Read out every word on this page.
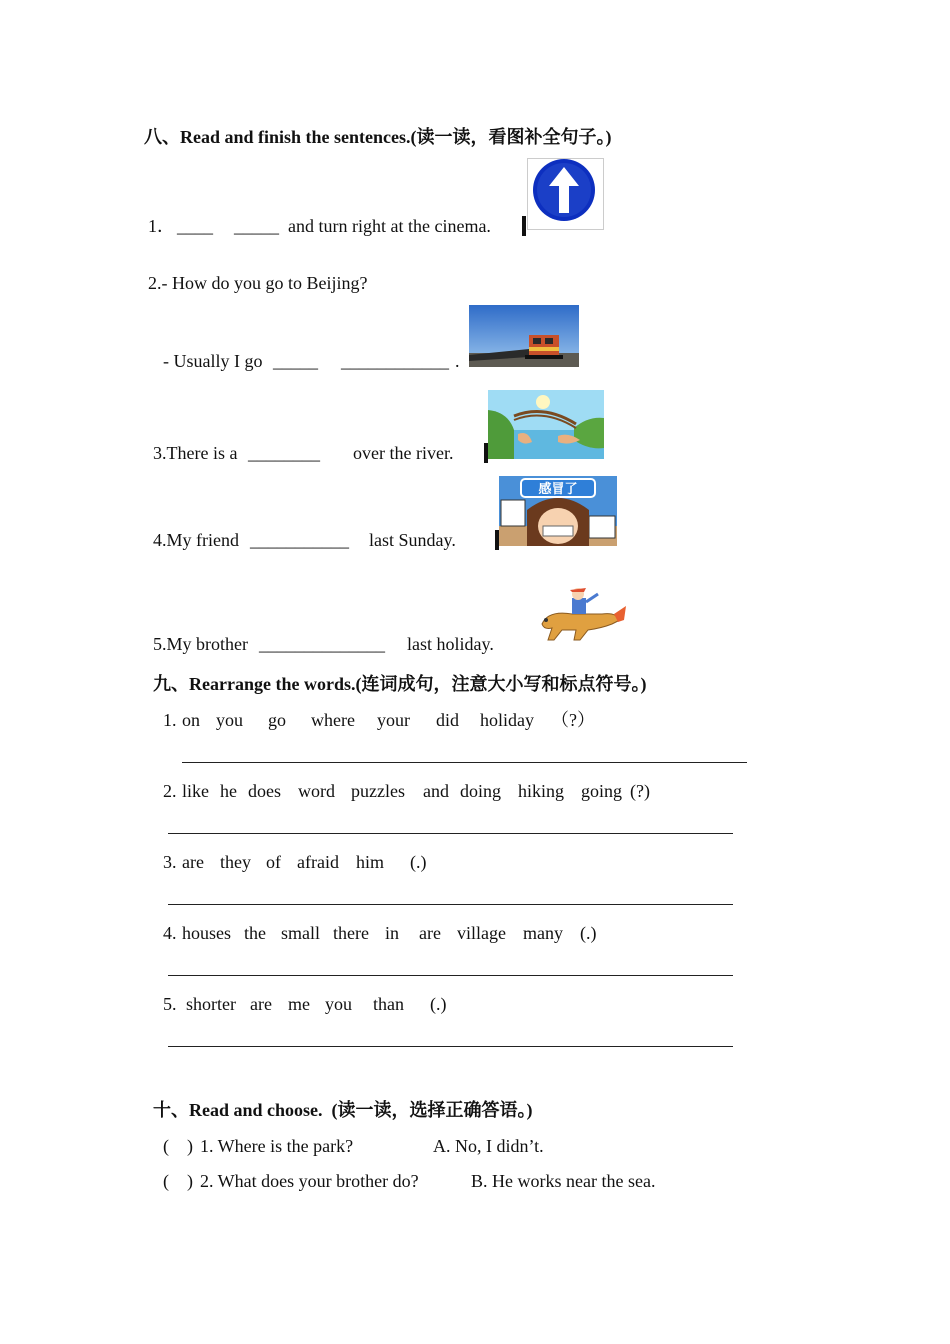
八、Read and finish the sentences.(读一读，看图补全句子。)
1． ____ _____ and turn right at the cinema.
2.- How do you go to Beijing?
- Usually I go _____ ____________ .
3.There is a ________ over the river.
4.My friend ___________ last Sunday.
感冒了
5.My brother ______________ last holiday.
九、Rearrange the words.(连词成句，注意大小写和标点符号。)
1. on you go where your did holiday （?）
2. like he does word puzzles and doing hiking going (?)
3. are they of afraid him (.)
4. houses the small there in are village many (.)
5. shorter are me you than (.)
十、Read and choose.  (读一读，选择正确答语。)
(    ) 1. Where is the park?	A. No, I didn’t.
(    ) 2. What does your brother do?	B. He works near the sea.
